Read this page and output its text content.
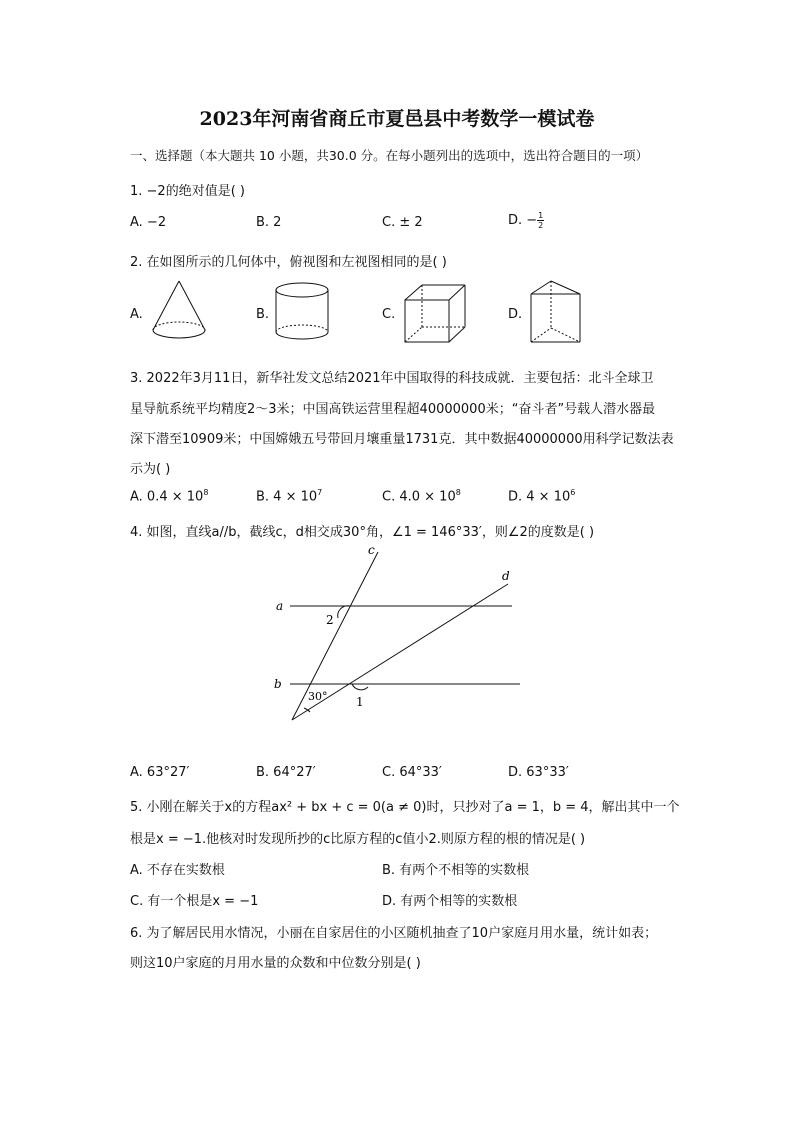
2023年河南省商丘市夏邑县中考数学一模试卷
一、选择题（本大题共 10 小题，共30.0 分。在每小题列出的选项中，选出符合题目的一项）
1. −2的绝对值是( )
A. −2	B. 2	C. ± 2	D. − $\frac{1}{2}$
2. 在如图所示的几何体中，俯视图和左视图相同的是( )
A.	B.	C.	D.
3. 2022年3月11日，新华社发文总结2021年中国取得的科技成就．主要包括：北斗全球卫
星导航系统平均精度2～3米；中国高铁运营里程超40000000米；“奋斗者”号载人潜水器最
深下潜至10909米；中国嫦娥五号带回月壤重量1731克．其中数据40000000用科学记数法表
示为( )
A. $0.4 \times 10^8$	B. $4 \times 10^7$	C. $4.0 \times 10^8$	D. $4 \times 10^6$
4. 如图，直线a//b，截线c，d相交成30°角，∠1 = 146°33′，则∠2的度数是( )
c
d
a
b
2
1
30°
A. 63°27′	B. 64°27′	C. 64°33′	D. 63°33′
5. 小刚在解关于x的方程ax² + bx + c = 0(a ≠ 0)时，只抄对了a = 1，b = 4，解出其中一个
根是x = −1.他核对时发现所抄的c比原方程的c值小2.则原方程的根的情况是( )
A. 不存在实数根	B. 有两个不相等的实数根
C. 有一个根是x = −1	D. 有两个相等的实数根
6. 为了解居民用水情况，小丽在自家居住的小区随机抽查了10户家庭月用水量，统计如表；
则这10户家庭的月用水量的众数和中位数分别是( )
